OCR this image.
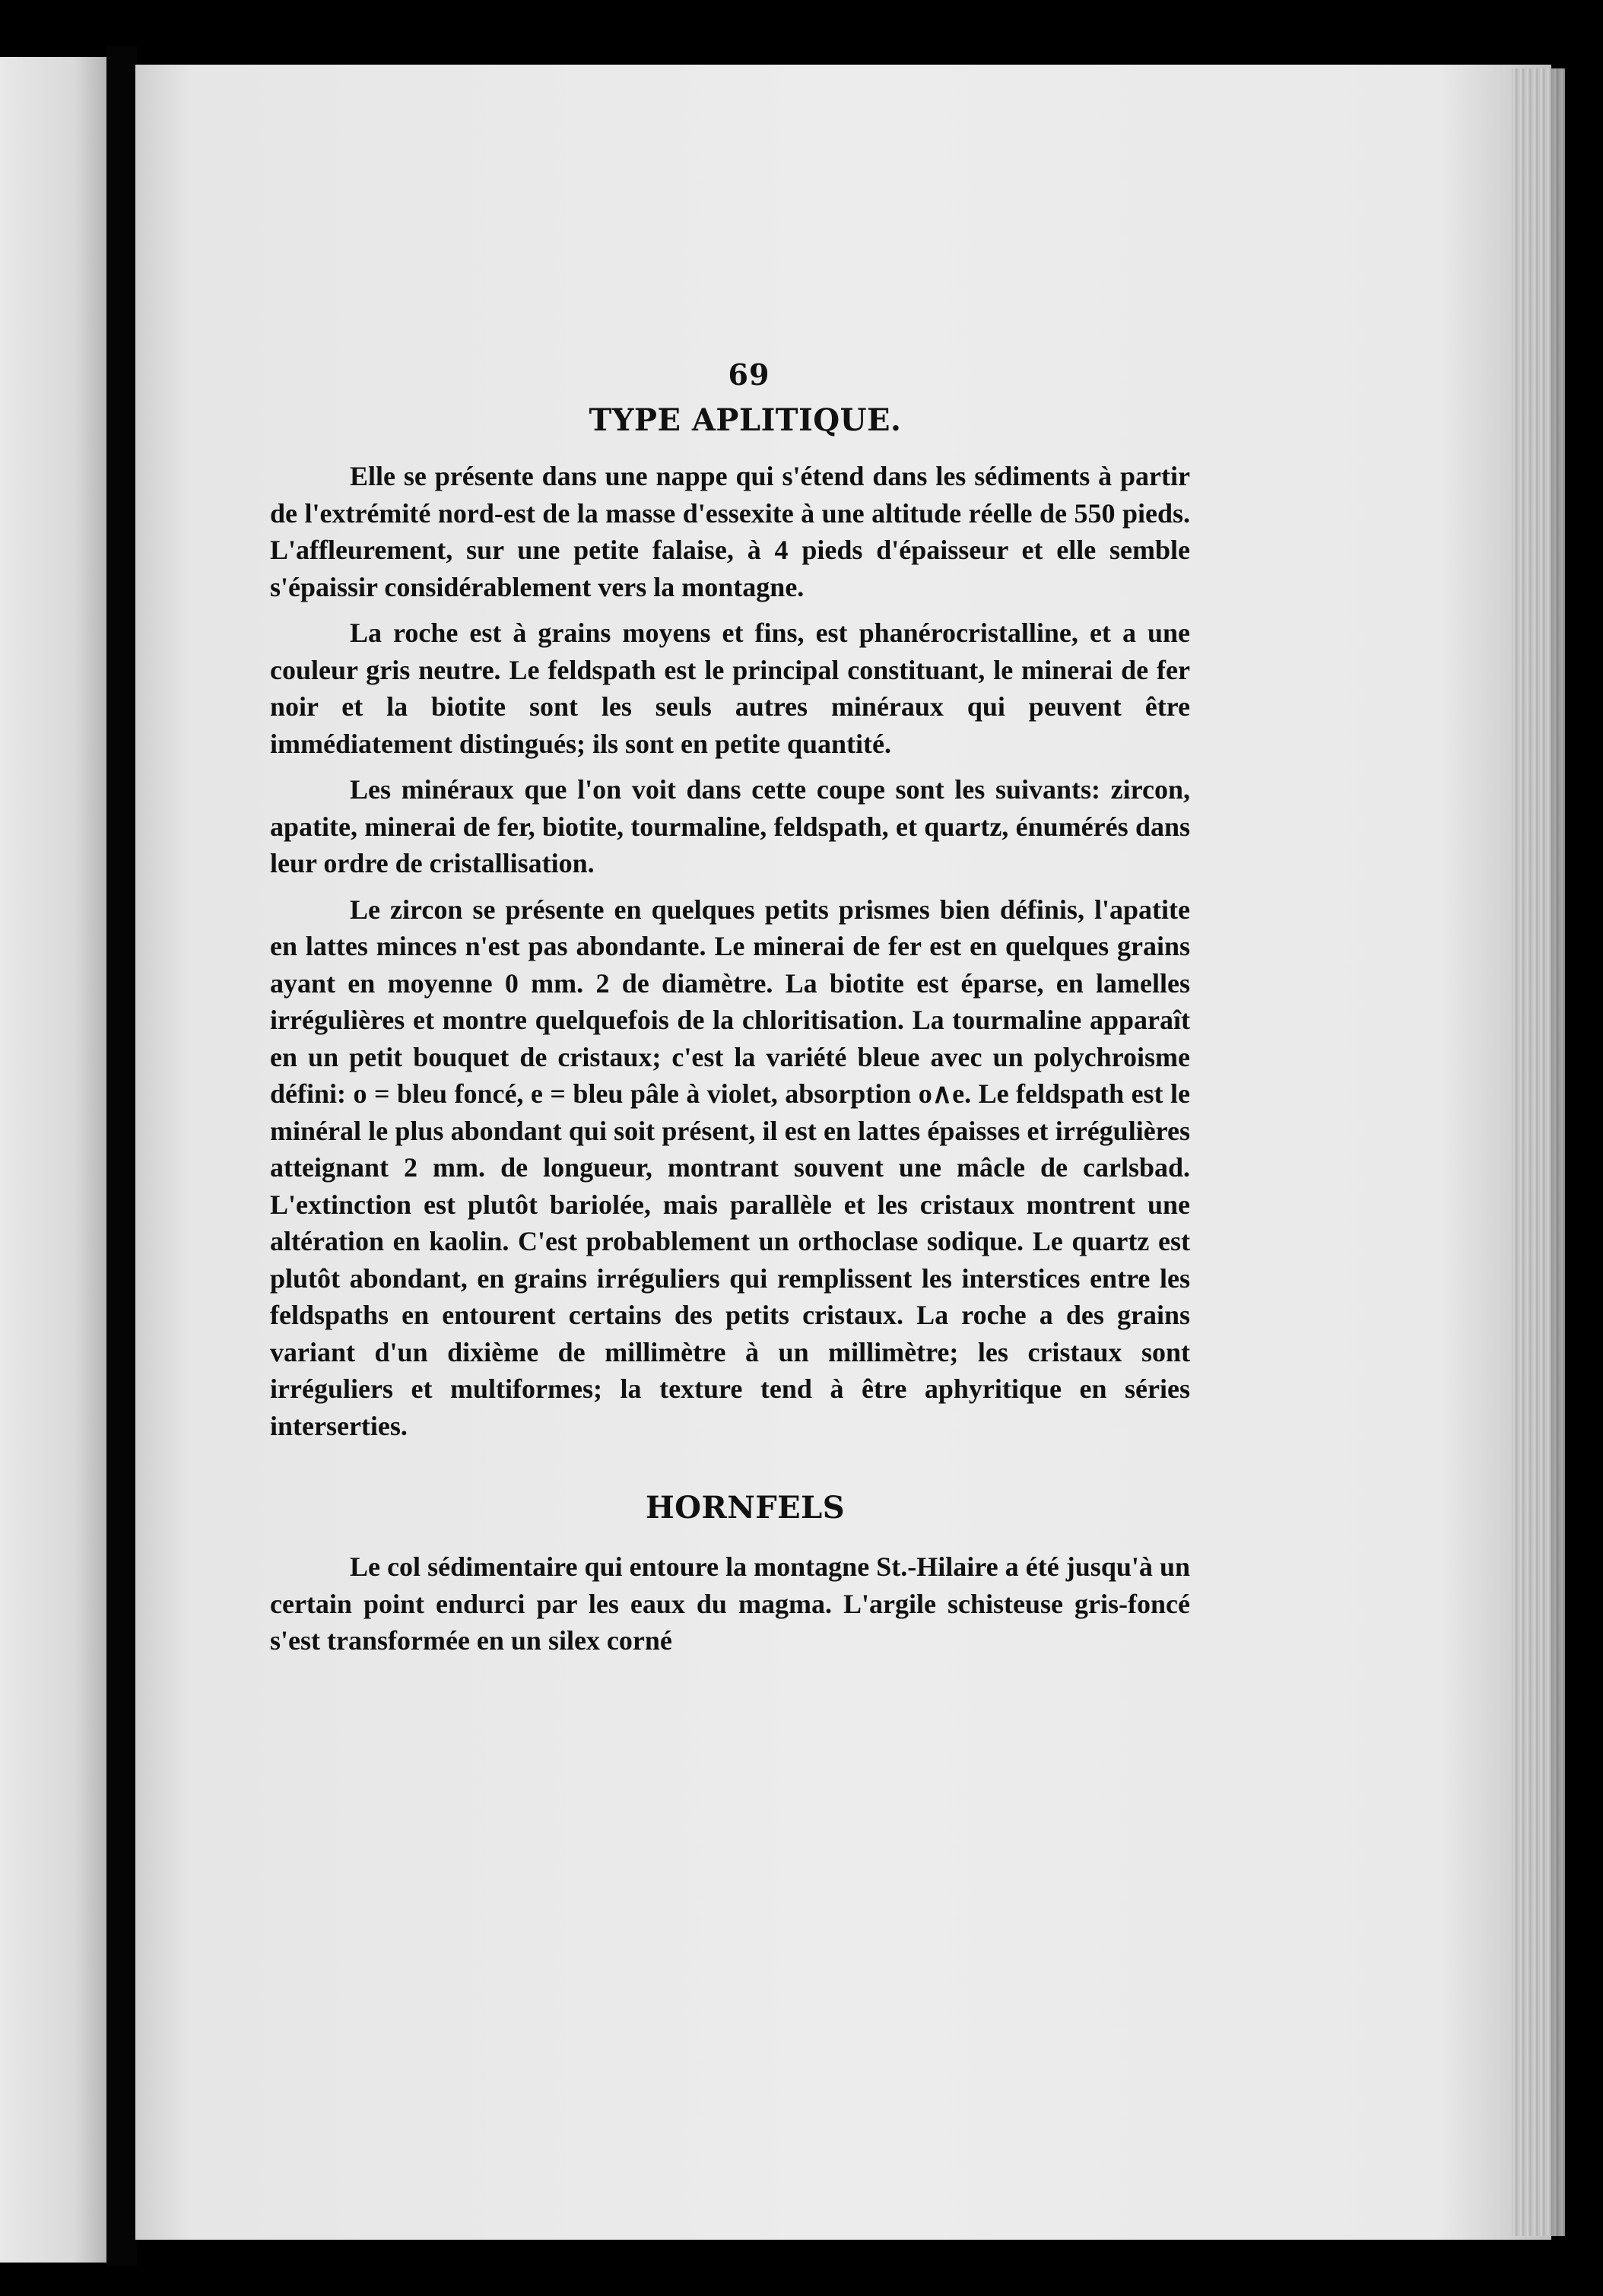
69
TYPE APLITIQUE.

Elle se présente dans une nappe qui s'étend dans les sédiments à partir de l'extrémité nord-est de la masse d'essexite à une altitude réelle de 550 pieds. L'affleurement, sur une petite falaise, à 4 pieds d'épaisseur et elle semble s'épaissir considérablement vers la montagne.

La roche est à grains moyens et fins, est phanérocristalline, et a une couleur gris neutre. Le feldspath est le principal constituant, le minerai de fer noir et la biotite sont les seuls autres minéraux qui peuvent être immédiatement distingués; ils sont en petite quantité.

Les minéraux que l'on voit dans cette coupe sont les suivants: zircon, apatite, minerai de fer, biotite, tourmaline, feldspath, et quartz, énumérés dans leur ordre de cristallisation.

Le zircon se présente en quelques petits prismes bien définis, l'apatite en lattes minces n'est pas abondante. Le minerai de fer est en quelques grains ayant en moyenne 0 mm. 2 de diamètre. La biotite est éparse, en lamelles irrégulières et montre quelquefois de la chloritisation. La tourmaline apparaît en un petit bouquet de cristaux; c'est la variété bleue avec un polychroisme défini: o = bleu foncé, e = bleu pâle à violet, absorption o∧e. Le feldspath est le minéral le plus abondant qui soit présent, il est en lattes épaisses et irrégulières atteignant 2 mm. de longueur, montrant souvent une mâcle de carlsbad. L'extinction est plutôt bariolée, mais parallèle et les cristaux montrent une altération en kaolin. C'est probablement un orthoclase sodique. Le quartz est plutôt abondant, en grains irréguliers qui remplissent les interstices entre les feldspaths en entourent certains des petits cristaux. La roche a des grains variant d'un dixième de millimètre à un millimètre; les cristaux sont irréguliers et multiformes; la texture tend à être aphyritique en séries interserties.

HORNFELS

Le col sédimentaire qui entoure la montagne St.-Hilaire a été jusqu'à un certain point endurci par les eaux du magma. L'argile schisteuse gris-foncé s'est transformée en un silex corné
